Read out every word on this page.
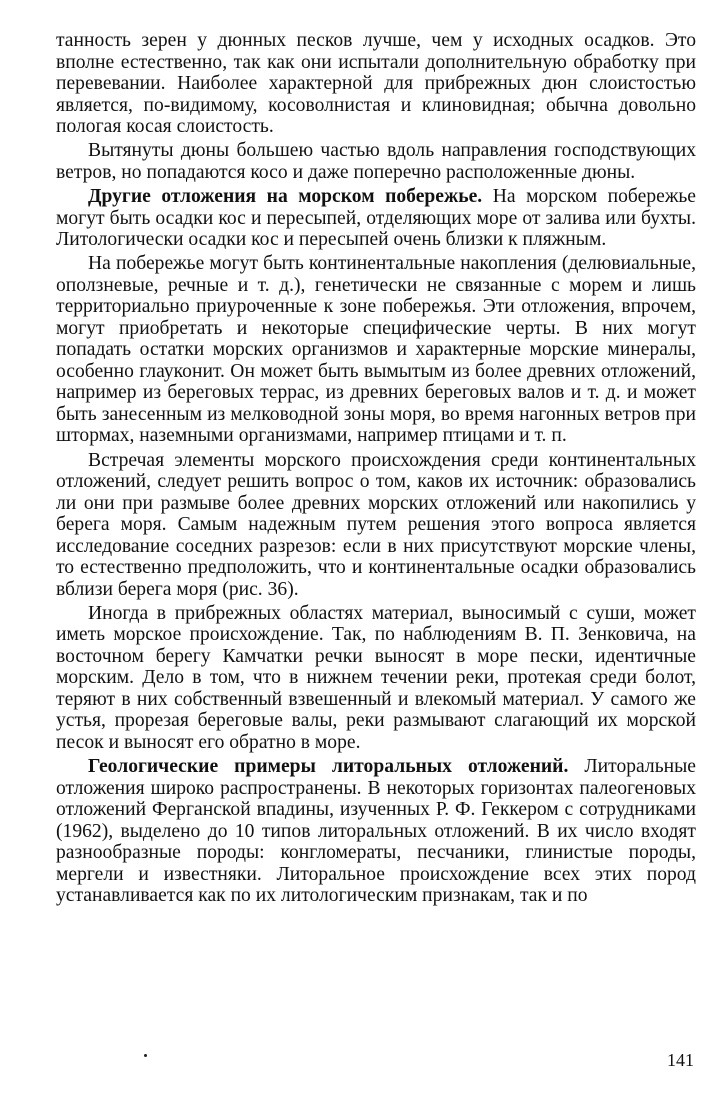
танность зерен у дюнных песков лучше, чем у исходных осадков. Это вполне естественно, так как они испытали дополнительную обработку при перевевании. Наиболее характерной для прибрежных дюн слоистостью является, по-видимому, косоволнистая и клиновидная; обычна довольно пологая косая слоистость.

Вытянуты дюны большею частью вдоль направления господствующих ветров, но попадаются косо и даже поперечно расположенные дюны.

Другие отложения на морском побережье. На морском побережье могут быть осадки кос и пересыпей, отделяющих море от залива или бухты. Литологически осадки кос и пересыпей очень близки к пляжным.

На побережье могут быть континентальные накопления (делювиальные, оползневые, речные и т. д.), генетически не связанные с морем и лишь территориально приуроченные к зоне побережья. Эти отложения, впрочем, могут приобретать и некоторые специфические черты. В них могут попадать остатки морских организмов и характерные морские минералы, особенно глауконит. Он может быть вымытым из более древних отложений, например из береговых террас, из древних береговых валов и т. д. и может быть занесенным из мелководной зоны моря, во время нагонных ветров при штормах, наземными организмами, например птицами и т. п.

Встречая элементы морского происхождения среди континентальных отложений, следует решить вопрос о том, каков их источник: образовались ли они при размыве более древних морских отложений или накопились у берега моря. Самым надежным путем решения этого вопроса является исследование соседних разрезов: если в них присутствуют морские члены, то естественно предположить, что и континентальные осадки образовались вблизи берега моря (рис. 36).

Иногда в прибрежных областях материал, выносимый с суши, может иметь морское происхождение. Так, по наблюдениям В. П. Зенковича, на восточном берегу Камчатки речки выносят в море пески, идентичные морским. Дело в том, что в нижнем течении реки, протекая среди болот, теряют в них собственный взвешенный и влекомый материал. У самого же устья, прорезая береговые валы, реки размывают слагающий их морской песок и выносят его обратно в море.

Геологические примеры литоральных отложений. Литоральные отложения широко распространены. В некоторых горизонтах палеогеновых отложений Ферганской впадины, изученных Р. Ф. Геккером с сотрудниками (1962), выделено до 10 типов литоральных отложений. В их число входят разнообразные породы: конгломераты, песчаники, глинистые породы, мергели и известняки. Литоральное происхождение всех этих пород устанавливается как по их литологическим признакам, так и по

141
